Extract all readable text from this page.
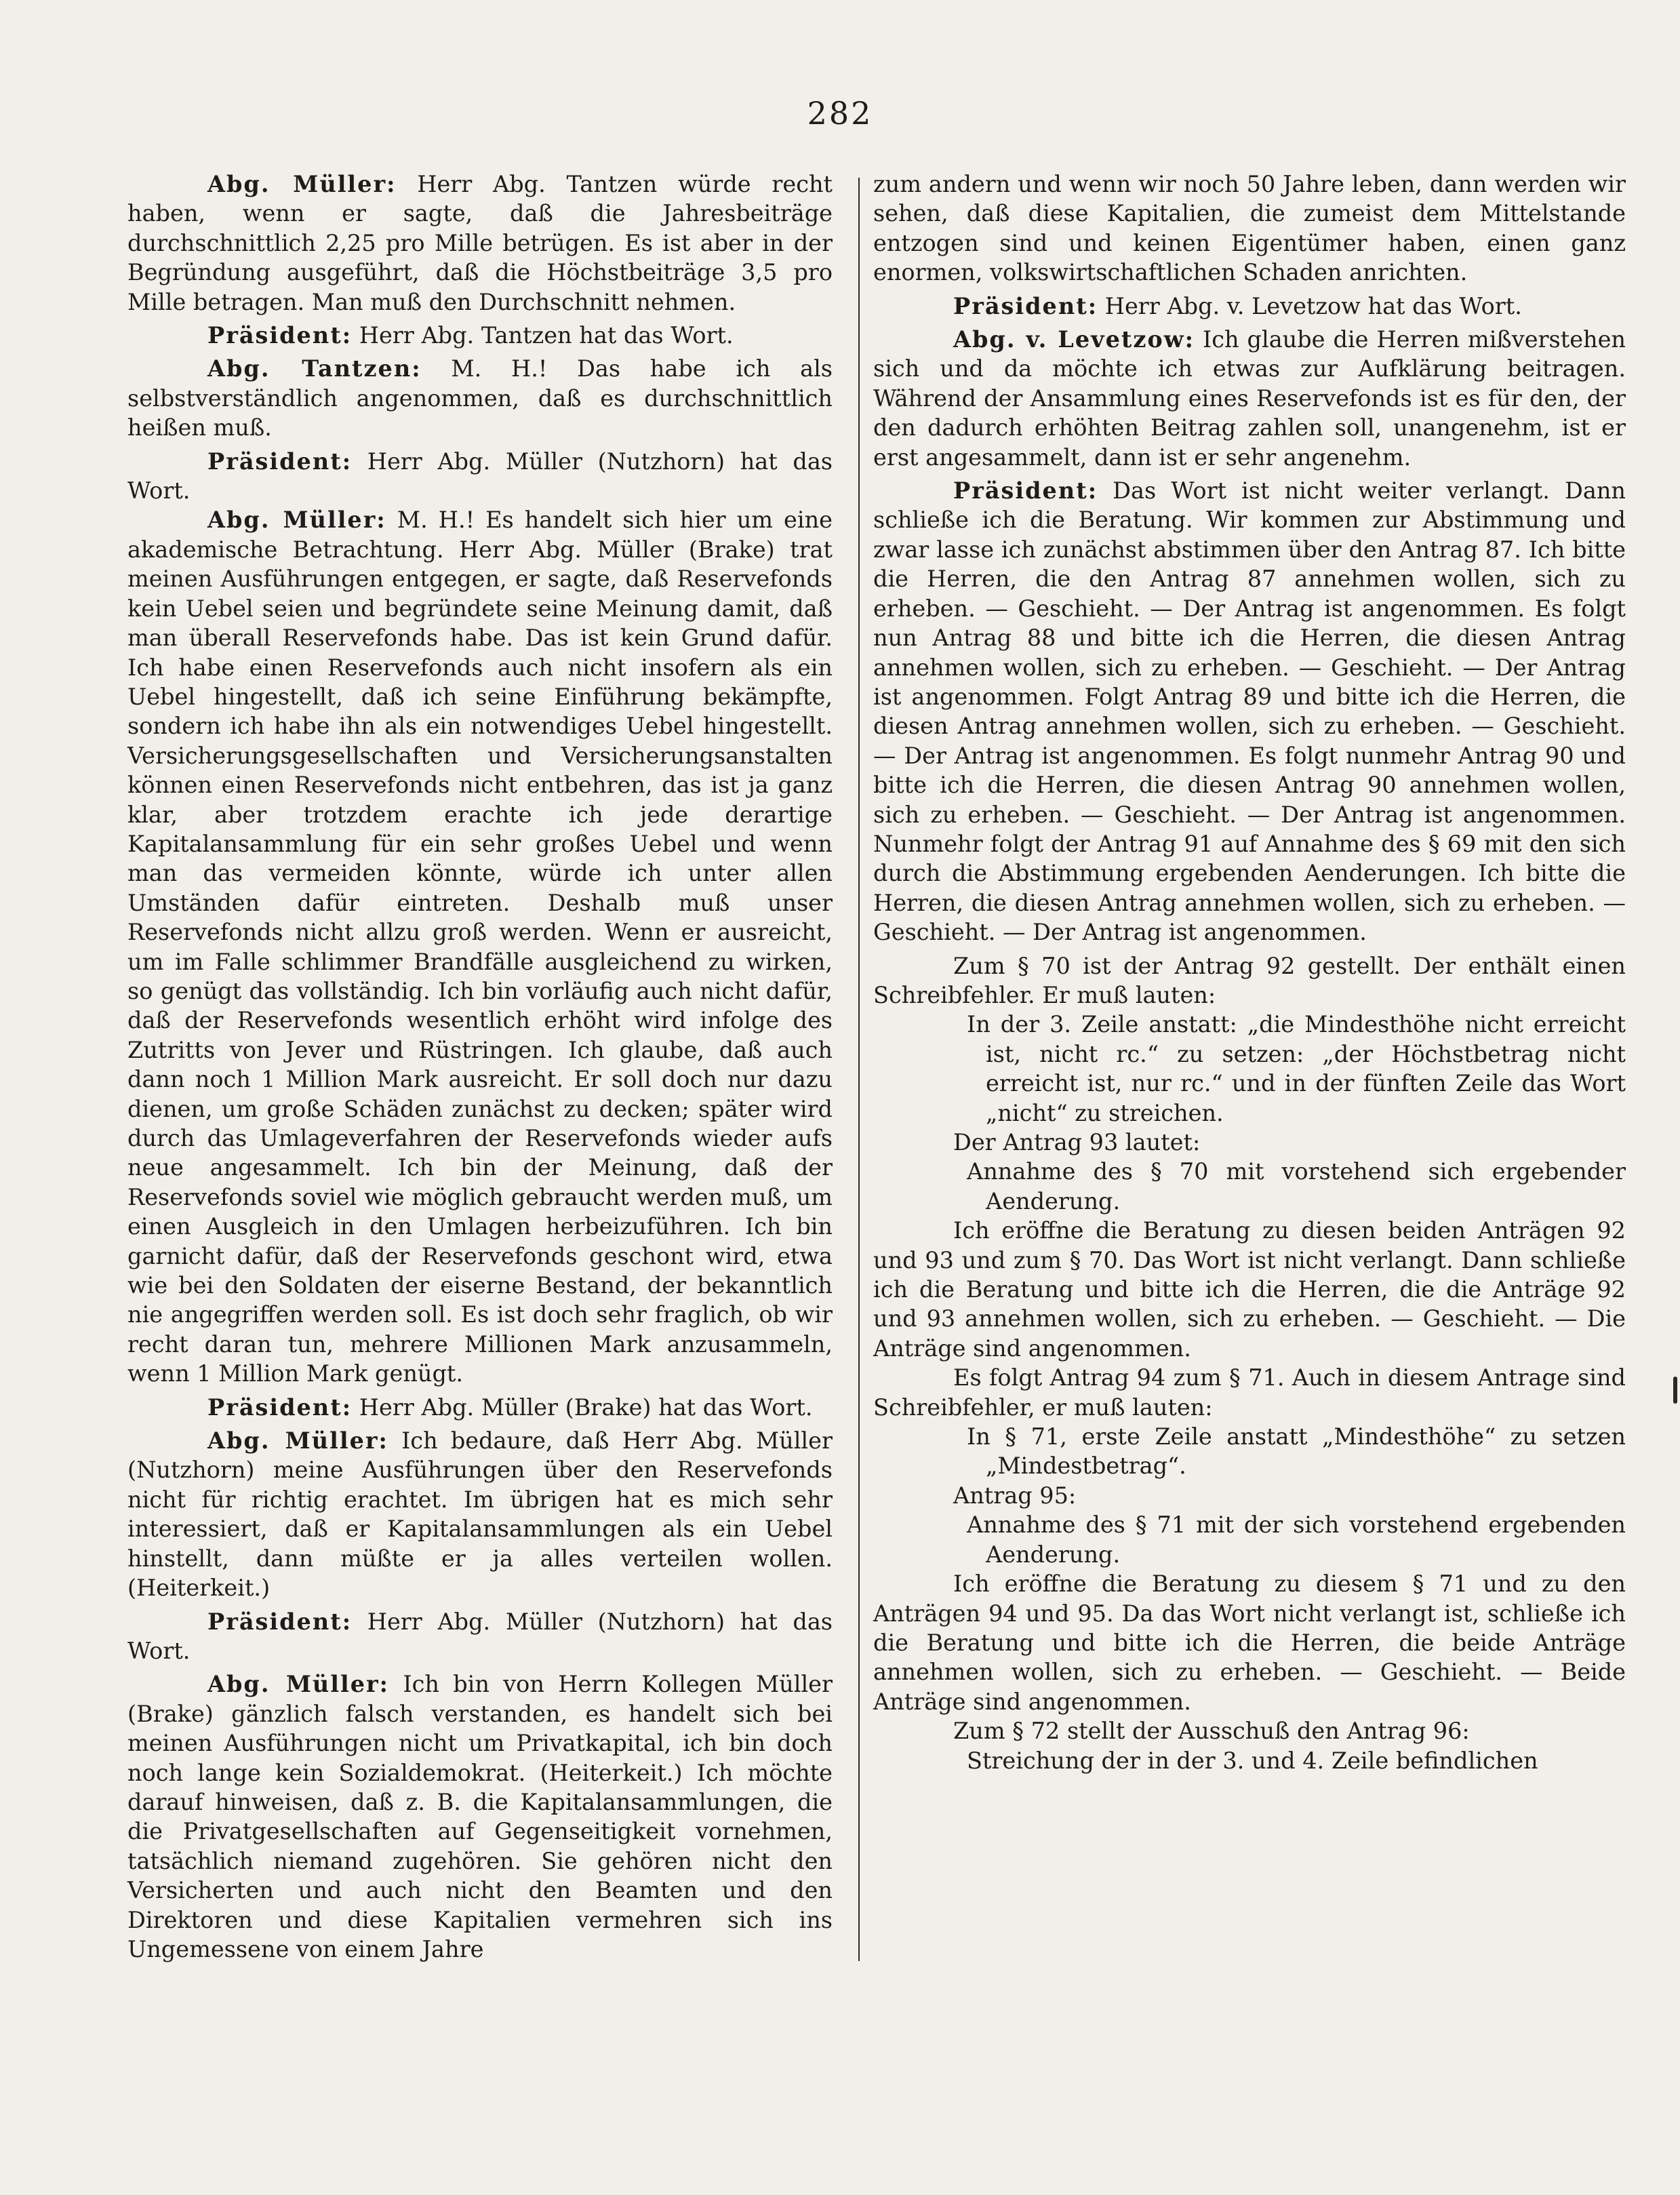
282

Abg. Müller: Herr Abg. Tantzen würde recht haben, wenn er sagte, daß die Jahresbeiträge durchschnittlich 2,25 pro Mille betrügen. Es ist aber in der Begründung ausgeführt, daß die Höchstbeiträge 3,5 pro Mille betragen. Man muß den Durchschnitt nehmen.

Präsident: Herr Abg. Tantzen hat das Wort.

Abg. Tantzen: M. H.! Das habe ich als selbstverständlich angenommen, daß es durchschnittlich heißen muß.

Präsident: Herr Abg. Müller (Nutzhorn) hat das Wort.

Abg. Müller: M. H.! Es handelt sich hier um eine akademische Betrachtung. Herr Abg. Müller (Brake) trat meinen Ausführungen entgegen, er sagte, daß Reservefonds kein Uebel seien und begründete seine Meinung damit, daß man überall Reservefonds habe. Das ist kein Grund dafür. Ich habe einen Reservefonds auch nicht insofern als ein Uebel hingestellt, daß ich seine Einführung bekämpfte, sondern ich habe ihn als ein notwendiges Uebel hingestellt. Versicherungsgesellschaften und Versicherungsanstalten können einen Reservefonds nicht entbehren, das ist ja ganz klar, aber trotzdem erachte ich jede derartige Kapitalansammlung für ein sehr großes Uebel und wenn man das vermeiden könnte, würde ich unter allen Umständen dafür eintreten. Deshalb muß unser Reservefonds nicht allzu groß werden. Wenn er ausreicht, um im Falle schlimmer Brandfälle ausgleichend zu wirken, so genügt das vollständig. Ich bin vorläufig auch nicht dafür, daß der Reservefonds wesentlich erhöht wird infolge des Zutritts von Jever und Rüstringen. Ich glaube, daß auch dann noch 1 Million Mark ausreicht. Er soll doch nur dazu dienen, um große Schäden zunächst zu decken; später wird durch das Umlageverfahren der Reservefonds wieder aufs neue angesammelt. Ich bin der Meinung, daß der Reservefonds soviel wie möglich gebraucht werden muß, um einen Ausgleich in den Umlagen herbeizuführen. Ich bin garnicht dafür, daß der Reservefonds geschont wird, etwa wie bei den Soldaten der eiserne Bestand, der bekanntlich nie angegriffen werden soll. Es ist doch sehr fraglich, ob wir recht daran tun, mehrere Millionen Mark anzusammeln, wenn 1 Million Mark genügt.

Präsident: Herr Abg. Müller (Brake) hat das Wort.

Abg. Müller: Ich bedaure, daß Herr Abg. Müller (Nutzhorn) meine Ausführungen über den Reservefonds nicht für richtig erachtet. Im übrigen hat es mich sehr interessiert, daß er Kapitalansammlungen als ein Uebel hinstellt, dann müßte er ja alles verteilen wollen. (Heiterkeit.)

Präsident: Herr Abg. Müller (Nutzhorn) hat das Wort.

Abg. Müller: Ich bin von Herrn Kollegen Müller (Brake) gänzlich falsch verstanden, es handelt sich bei meinen Ausführungen nicht um Privatkapital, ich bin doch noch lange kein Sozialdemokrat. (Heiterkeit.) Ich möchte darauf hinweisen, daß z. B. die Kapitalansammlungen, die die Privatgesellschaften auf Gegenseitigkeit vornehmen, tatsächlich niemand zugehören. Sie gehören nicht den Versicherten und auch nicht den Beamten und den Direktoren und diese Kapitalien vermehren sich ins Ungemessene von einem Jahre

zum andern und wenn wir noch 50 Jahre leben, dann werden wir sehen, daß diese Kapitalien, die zumeist dem Mittelstande entzogen sind und keinen Eigentümer haben, einen ganz enormen, volkswirtschaftlichen Schaden anrichten.

Präsident: Herr Abg. v. Levetzow hat das Wort.

Abg. v. Levetzow: Ich glaube die Herren mißverstehen sich und da möchte ich etwas zur Aufklärung beitragen. Während der Ansammlung eines Reservefonds ist es für den, der den dadurch erhöhten Beitrag zahlen soll, unangenehm, ist er erst angesammelt, dann ist er sehr angenehm.

Präsident: Das Wort ist nicht weiter verlangt. Dann schließe ich die Beratung. Wir kommen zur Abstimmung und zwar lasse ich zunächst abstimmen über den Antrag 87. Ich bitte die Herren, die den Antrag 87 annehmen wollen, sich zu erheben. — Geschieht. — Der Antrag ist angenommen. Es folgt nun Antrag 88 und bitte ich die Herren, die diesen Antrag annehmen wollen, sich zu erheben. — Geschieht. — Der Antrag ist angenommen. Folgt Antrag 89 und bitte ich die Herren, die diesen Antrag annehmen wollen, sich zu erheben. — Geschieht. — Der Antrag ist angenommen. Es folgt nunmehr Antrag 90 und bitte ich die Herren, die diesen Antrag 90 annehmen wollen, sich zu erheben. — Geschieht. — Der Antrag ist angenommen. Nunmehr folgt der Antrag 91 auf Annahme des § 69 mit den sich durch die Abstimmung ergebenden Aenderungen. Ich bitte die Herren, die diesen Antrag annehmen wollen, sich zu erheben. — Geschieht. — Der Antrag ist angenommen.

Zum § 70 ist der Antrag 92 gestellt. Der enthält einen Schreibfehler. Er muß lauten:

In der 3. Zeile anstatt: „die Mindesthöhe nicht erreicht ist, nicht rc.“ zu setzen: „der Höchstbetrag nicht erreicht ist, nur rc.“ und in der fünften Zeile das Wort „nicht“ zu streichen.

Der Antrag 93 lautet:

Annahme des § 70 mit vorstehend sich ergebender Aenderung.

Ich eröffne die Beratung zu diesen beiden Anträgen 92 und 93 und zum § 70. Das Wort ist nicht verlangt. Dann schließe ich die Beratung und bitte ich die Herren, die die Anträge 92 und 93 annehmen wollen, sich zu erheben. — Geschieht. — Die Anträge sind angenommen.

Es folgt Antrag 94 zum § 71. Auch in diesem Antrage sind Schreibfehler, er muß lauten:

In § 71, erste Zeile anstatt „Mindesthöhe“ zu setzen „Mindestbetrag“.

Antrag 95:

Annahme des § 71 mit der sich vorstehend ergebenden Aenderung.

Ich eröffne die Beratung zu diesem § 71 und zu den Anträgen 94 und 95. Da das Wort nicht verlangt ist, schließe ich die Beratung und bitte ich die Herren, die beide Anträge annehmen wollen, sich zu erheben. — Geschieht. — Beide Anträge sind angenommen.

Zum § 72 stellt der Ausschuß den Antrag 96:

Streichung der in der 3. und 4. Zeile befindlichen
